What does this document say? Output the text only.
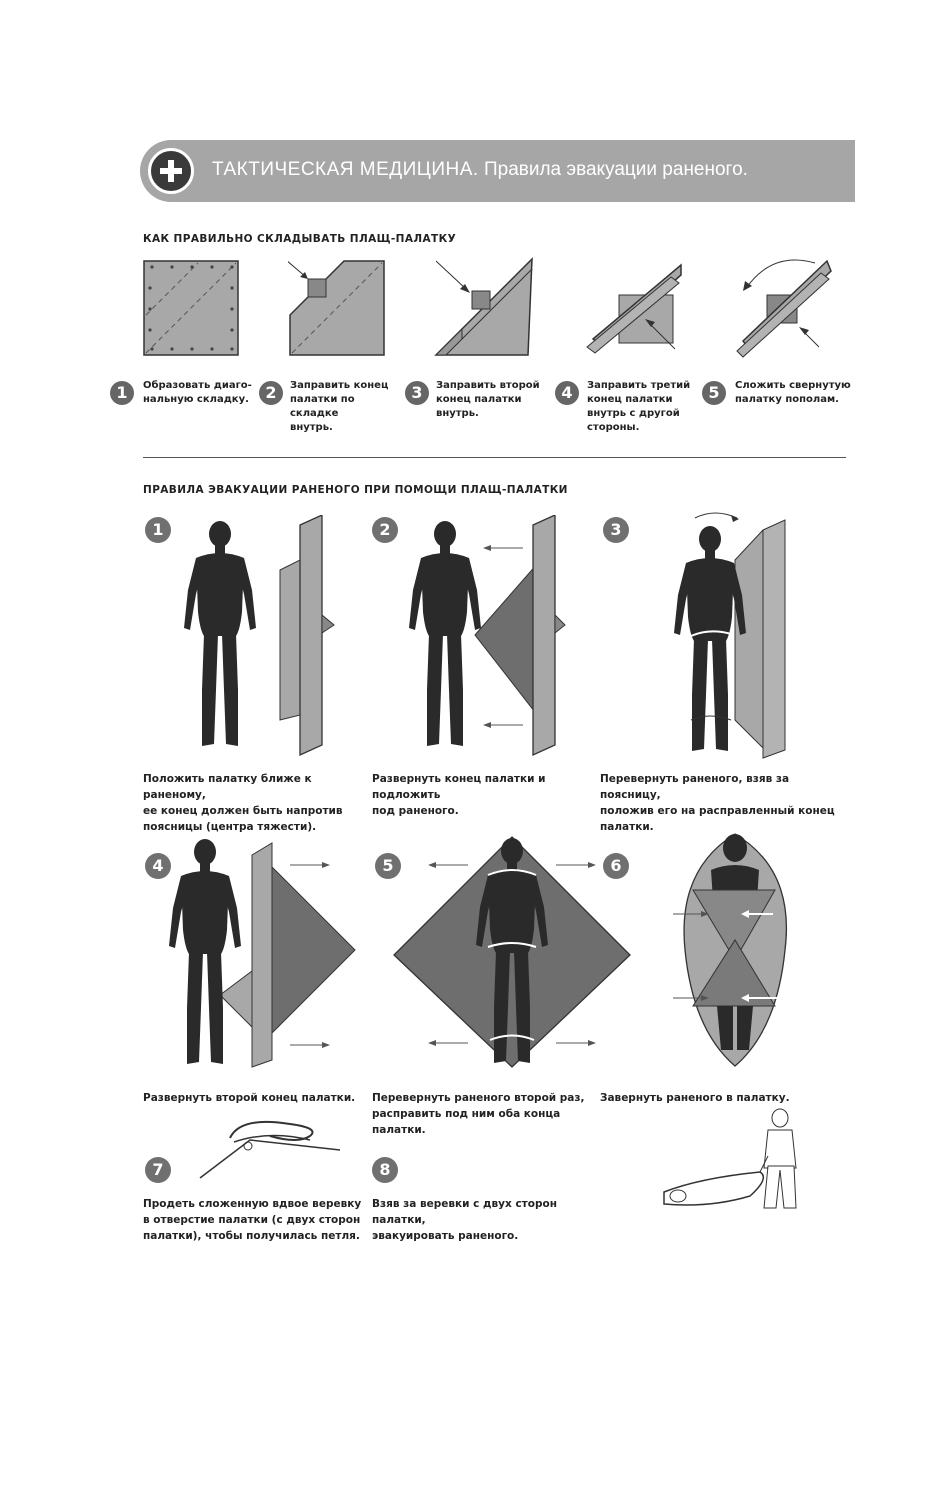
ТАКТИЧЕСКАЯ МЕДИЦИНА. Правила эвакуации раненого.
КАК ПРАВИЛЬНО СКЛАДЫВАТЬ ПЛАЩ-ПАЛАТКУ
1	Образовать диаго-
нальную складку.	2	Заправить конец
палатки по складке
внутрь.
3	Заправить второй
конец палатки
внутрь.
4	Заправить третий
конец палатки
внутрь с другой
стороны.
5	Сложить свернутую
палатку пополам.
ПРАВИЛА ЭВАКУАЦИИ РАНЕНОГО ПРИ ПОМОЩИ ПЛАЩ-ПАЛАТКИ
1
Положить палатку ближе к раненому,
ее конец должен быть напротив
поясницы (центра тяжести).
2
Развернуть конец палатки и подложить
под раненого.
3
Перевернуть раненого, взяв за поясницу,
положив его на расправленный конец
палатки.
4
Развернуть второй конец палатки.
5
Перевернуть раненого второй раз,
расправить под ним оба конца палатки.
6
Завернуть раненого в палатку.
7
Продеть сложенную вдвое веревку
в отверстие палатки (с двух сторон
палатки), чтобы получилась петля.
8
Взяв за веревки с двух сторон палатки,
эвакуировать раненого.
